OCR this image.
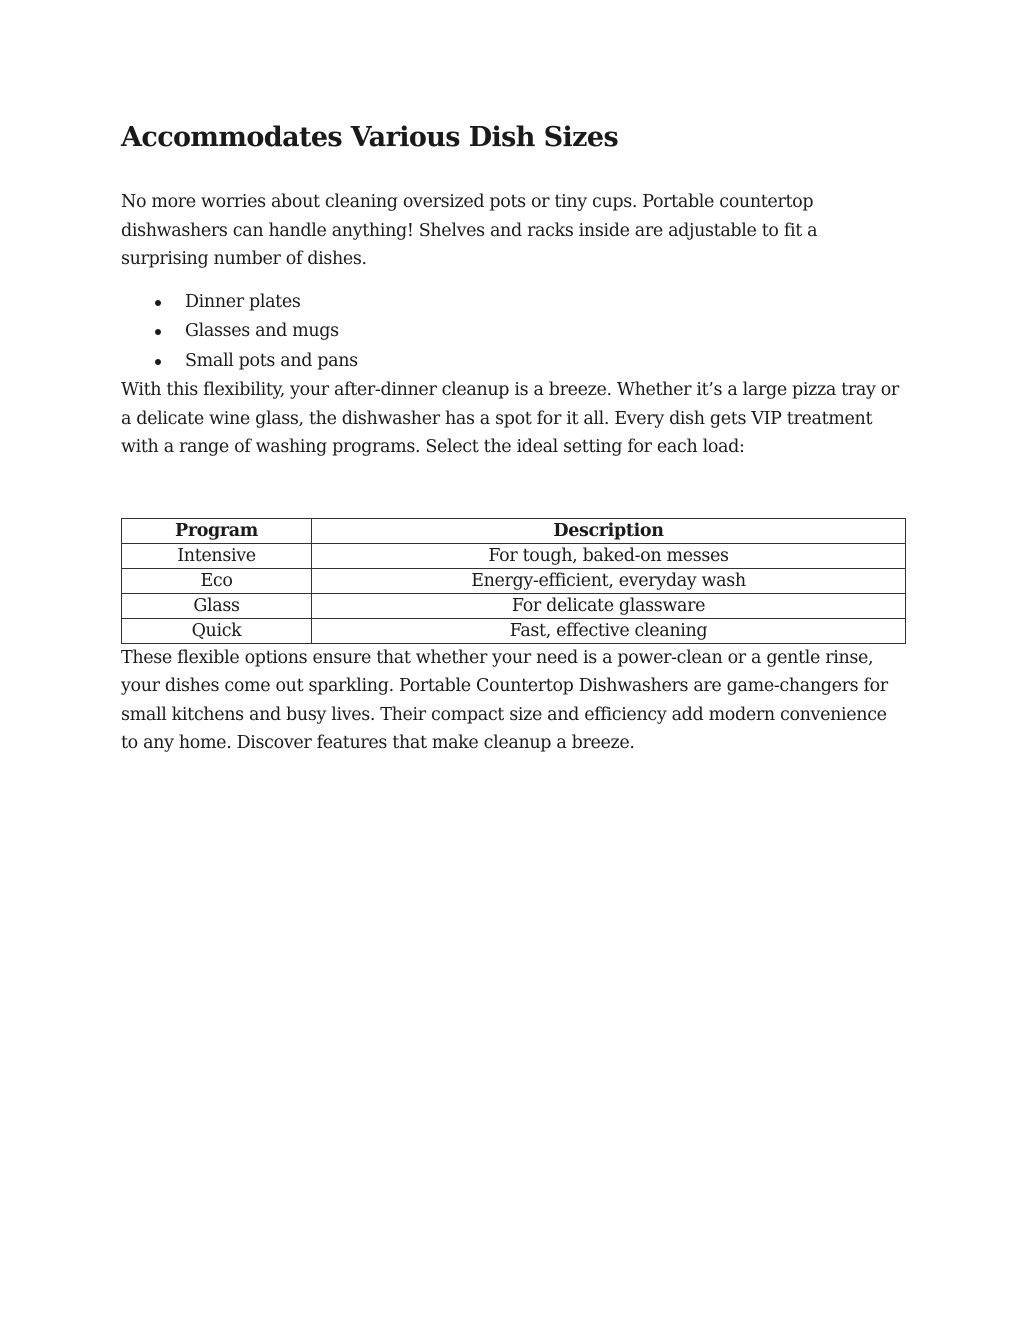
Accommodates Various Dish Sizes

No more worries about cleaning oversized pots or tiny cups. Portable countertop dishwashers can handle anything! Shelves and racks inside are adjustable to fit a surprising number of dishes.

Dinner plates
Glasses and mugs
Small pots and pans

With this flexibility, your after-dinner cleanup is a breeze. Whether it’s a large pizza tray or a delicate wine glass, the dishwasher has a spot for it all. Every dish gets VIP treatment with a range of washing programs. Select the ideal setting for each load:

Program	Description
Intensive	For tough, baked-on messes
Eco	Energy-efficient, everyday wash
Glass	For delicate glassware
Quick	Fast, effective cleaning

These flexible options ensure that whether your need is a power-clean or a gentle rinse, your dishes come out sparkling. Portable Countertop Dishwashers are game-changers for small kitchens and busy lives. Their compact size and efficiency add modern convenience to any home. Discover features that make cleanup a breeze.
